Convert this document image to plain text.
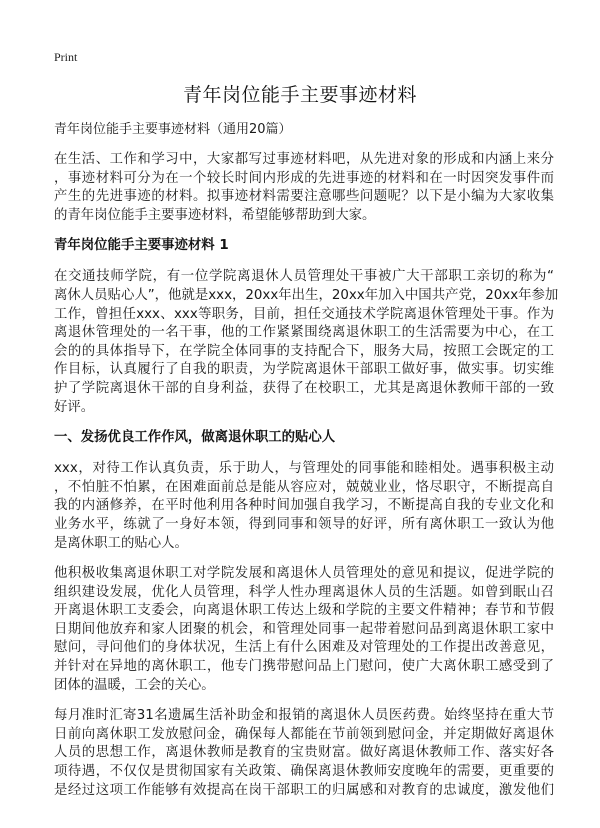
Print
青年岗位能手主要事迹材料
青年岗位能手主要事迹材料（通用20篇）
在生活、工作和学习中，大家都写过事迹材料吧，从先进对象的形成和内涵上来分
，事迹材料可分为在一个较长时间内形成的先进事迹的材料和在一时因突发事件而
产生的先进事迹的材料。拟事迹材料需要注意哪些问题呢？以下是小编为大家收集
的青年岗位能手主要事迹材料，希望能够帮助到大家。
青年岗位能手主要事迹材料 1
在交通技师学院，有一位学院离退休人员管理处干事被广大干部职工亲切的称为“
离休人员贴心人”，他就是xxx，20xx年出生，20xx年加入中国共产党，20xx年参加
工作，曾担任xxx、xxx等职务，目前，担任交通技术学院离退休管理处干事。作为
离退休管理处的一名干事，他的工作紧紧围绕离退休职工的生活需要为中心，在工
会的的具体指导下，在学院全体同事的支持配合下，服务大局，按照工会既定的工
作目标，认真履行了自我的职责，为学院离退休干部职工做好事，做实事。切实维
护了学院离退休干部的自身利益，获得了在校职工，尤其是离退休教师干部的一致
好评。
一、发扬优良工作作风，做离退休职工的贴心人
xxx，对待工作认真负责，乐于助人，与管理处的同事能和睦相处。遇事积极主动
，不怕脏不怕累，在困难面前总是能从容应对，兢兢业业，恪尽职守，不断提高自
我的内涵修养，在平时他利用各种时间加强自我学习，不断提高自我的专业文化和
业务水平，练就了一身好本领，得到同事和领导的好评，所有离休职工一致认为他
是离休职工的贴心人。
他积极收集离退休职工对学院发展和离退休人员管理处的意见和提议，促进学院的
组织建设发展，优化人员管理，科学人性办理离退休人员的生活题。如曾到眠山召
开离退休职工支委会，向离退休职工传达上级和学院的主要文件精神；春节和节假
日期间他放弃和家人团聚的机会，和管理处同事一起带着慰问品到离退休职工家中
慰问，寻问他们的身体状况，生活上有什么困难及对管理处的工作提出改善意见，
并针对在异地的离休职工，他专门携带慰问品上门慰问，使广大离休职工感受到了
团体的温暖，工会的关心。
每月准时汇寄31名遗属生活补助金和报销的离退休人员医药费。始终坚持在重大节
日前向离休职工发放慰问金，确保每人都能在节前领到慰问金，并定期做好离退休
人员的思想工作，离退休教师是教育的宝贵财富。做好离退休教师工作、落实好各
项待遇，不仅仅是贯彻国家有关政策、确保离退休教师安度晚年的需要，更重要的
是经过这项工作能够有效提高在岗干部职工的归属感和对教育的忠诚度，激发他们
